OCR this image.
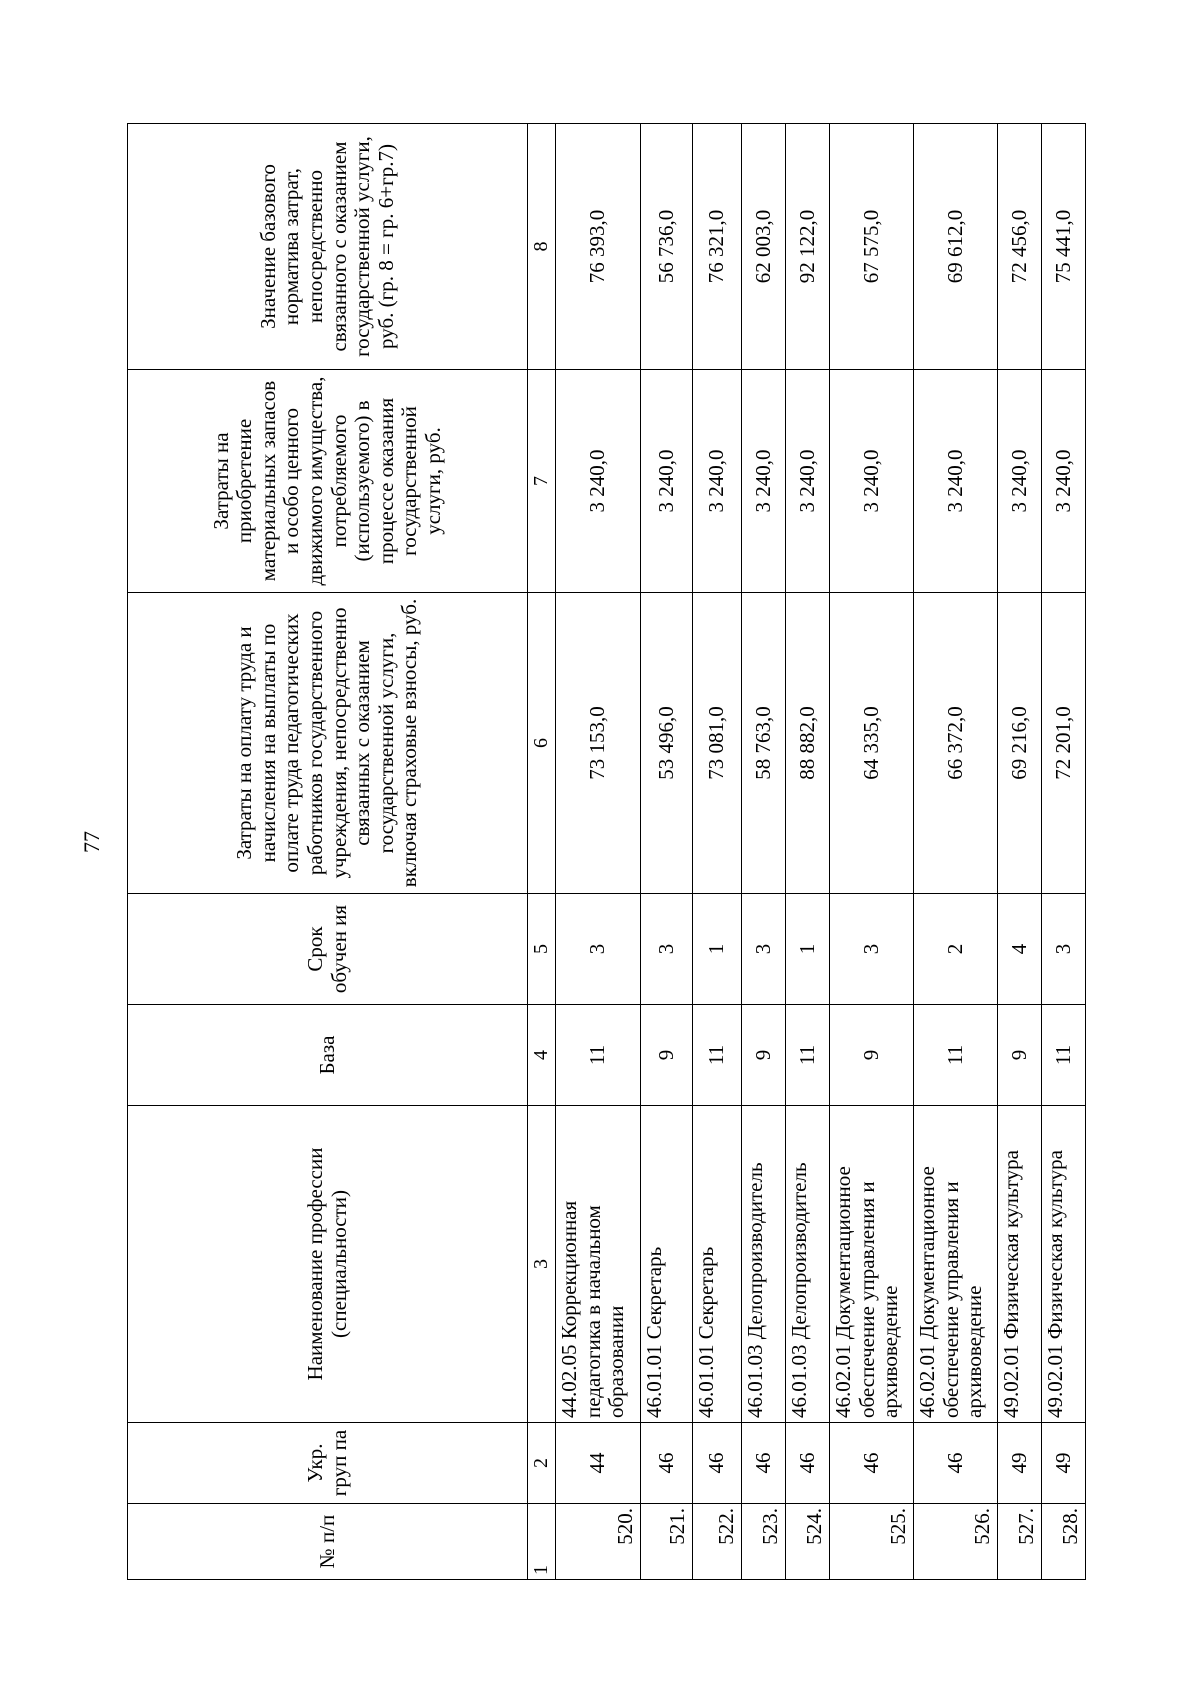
77
№ п/п	Укр. груп па	Наименование профессии (специальности)	База	Срок обучен ия	Затраты на оплату труда и начисления на выплаты по оплате труда педагогических работников государственного учреждения, непосредственно связанных с оказанием государственной услуги, включая страховые взносы, руб.	Затраты на приобретение материальных запасов и особо ценного движимого имущества, потребляемого (используемого) в процессе оказания государственной услуги, руб.	Значение базового норматива затрат, непосредственно связанного с оказанием государственной услуги, руб. (гр. 8 = гр. 6+гр.7)
1	2	3	4	5	6	7	8
520.	44	44.02.05 Коррекционная педагогика в начальном образовании	11	3	73 153,0	3 240,0	76 393,0
521.	46	46.01.01 Секретарь	9	3	53 496,0	3 240,0	56 736,0
522.	46	46.01.01 Секретарь	11	1	73 081,0	3 240,0	76 321,0
523.	46	46.01.03 Делопроизводитель	9	3	58 763,0	3 240,0	62 003,0
524.	46	46.01.03 Делопроизводитель	11	1	88 882,0	3 240,0	92 122,0
525.	46	46.02.01 Документационное обеспечение управления и архивоведение	9	3	64 335,0	3 240,0	67 575,0
526.	46	46.02.01 Документационное обеспечение управления и архивоведение	11	2	66 372,0	3 240,0	69 612,0
527.	49	49.02.01 Физическая культура	9	4	69 216,0	3 240,0	72 456,0
528.	49	49.02.01 Физическая культура	11	3	72 201,0	3 240,0	75 441,0
